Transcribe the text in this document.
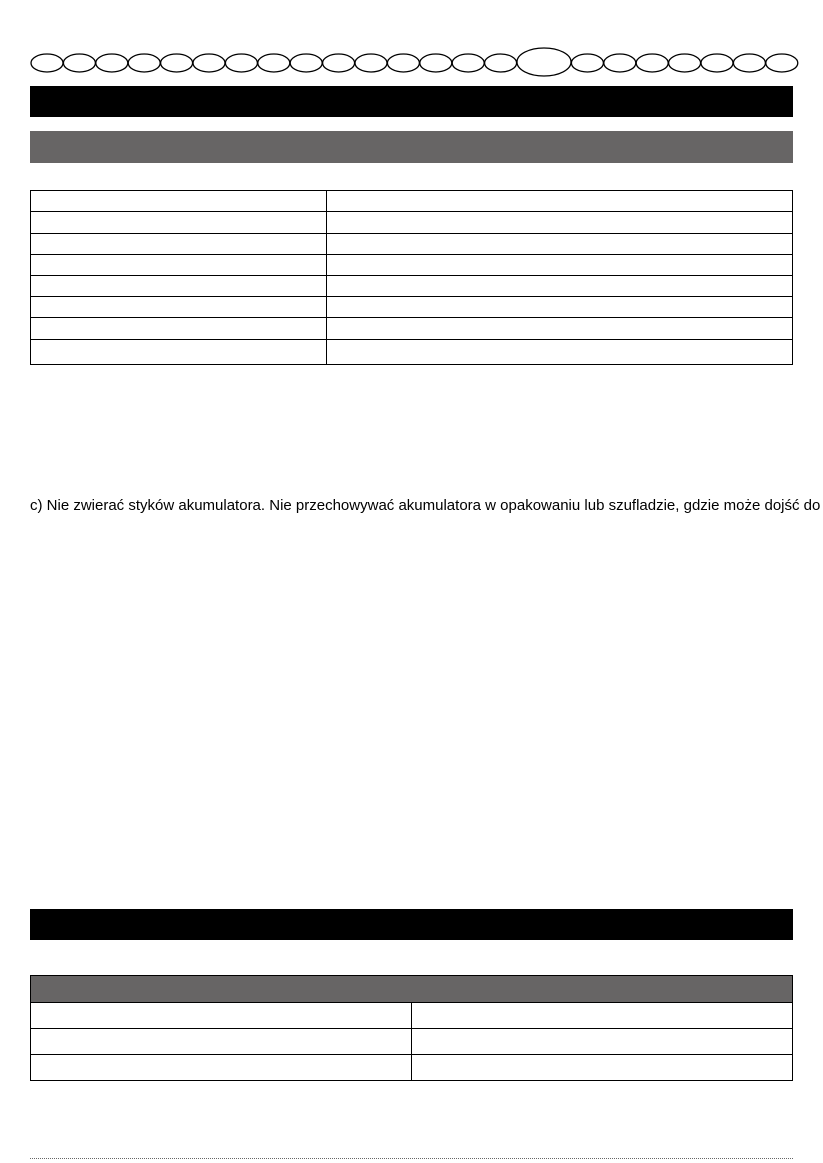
c) Nie zwierać styków akumulatora. Nie przechowywać akumulatora w opakowaniu lub szufladzie, gdzie może dojść do
